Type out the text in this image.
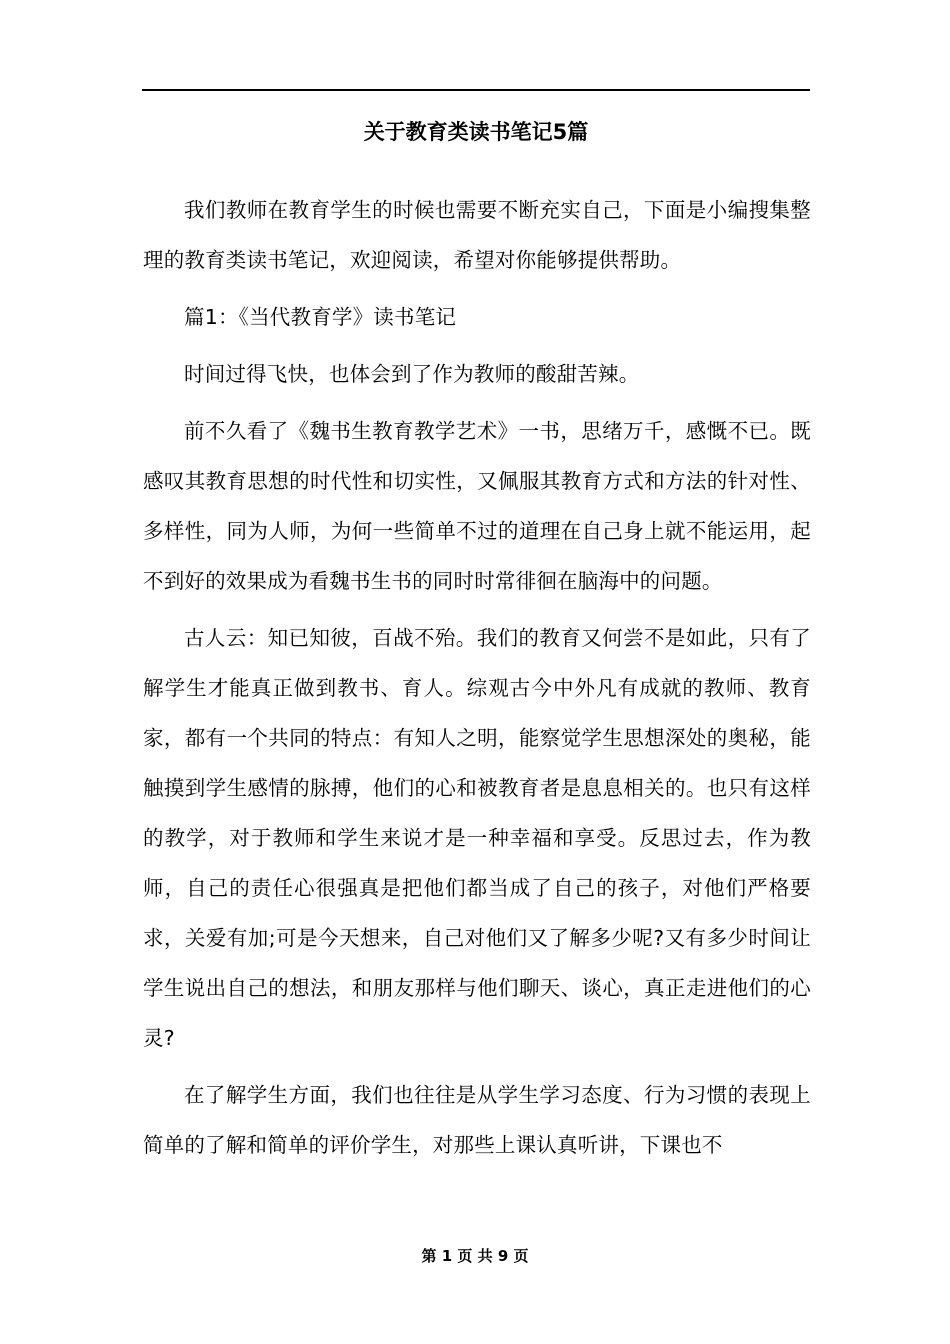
关于教育类读书笔记5篇

我们教师在教育学生的时候也需要不断充实自己，下面是小编搜集整理的教育类读书笔记，欢迎阅读，希望对你能够提供帮助。

篇1：《当代教育学》读书笔记

时间过得飞快，也体会到了作为教师的酸甜苦辣。

前不久看了《魏书生教育教学艺术》一书，思绪万千，感慨不已。既感叹其教育思想的时代性和切实性，又佩服其教育方式和方法的针对性、多样性，同为人师，为何一些简单不过的道理在自己身上就不能运用，起不到好的效果成为看魏书生书的同时时常徘徊在脑海中的问题。

古人云：知已知彼，百战不殆。我们的教育又何尝不是如此，只有了解学生才能真正做到教书、育人。综观古今中外凡有成就的教师、教育家，都有一个共同的特点：有知人之明，能察觉学生思想深处的奥秘，能触摸到学生感情的脉搏，他们的心和被教育者是息息相关的。也只有这样的教学，对于教师和学生来说才是一种幸福和享受。反思过去，作为教师，自己的责任心很强真是把他们都当成了自己的孩子，对他们严格要求，关爱有加;可是今天想来，自己对他们又了解多少呢?又有多少时间让学生说出自己的想法，和朋友那样与他们聊天、谈心，真正走进他们的心灵?

在了解学生方面，我们也往往是从学生学习态度、行为习惯的表现上简单的了解和简单的评价学生，对那些上课认真听讲，下课也不

第 1 页 共 9 页
